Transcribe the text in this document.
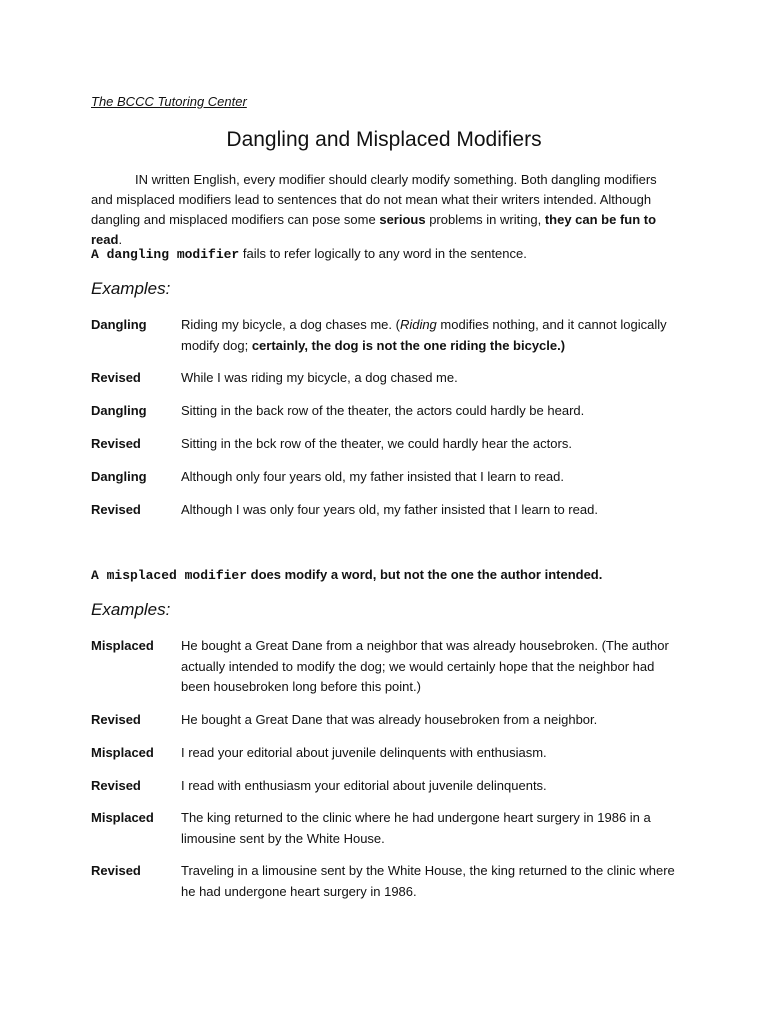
The BCCC Tutoring Center
Dangling and Misplaced Modifiers
IN written English, every modifier should clearly modify something. Both dangling modifiers and misplaced modifiers lead to sentences that do not mean what their writers intended. Although dangling and misplaced modifiers can pose some serious problems in writing, they can be fun to read.
A dangling modifier fails to refer logically to any word in the sentence.
Examples:
Dangling	Riding my bicycle, a dog chases me. (Riding modifies nothing, and it cannot logically modify dog; certainly, the dog is not the one riding the bicycle.)
Revised	While I was riding my bicycle, a dog chased me.
Dangling	Sitting in the back row of the theater, the actors could hardly be heard.
Revised	Sitting in the bck row of the theater, we could hardly hear the actors.
Dangling	Although only four years old, my father insisted that I learn to read.
Revised	Although I was only four years old, my father insisted that I learn to read.
A misplaced modifier does modify a word, but not the one the author intended.
Examples:
Misplaced He bought a Great Dane from a neighbor that was already housebroken. (The author actually intended to modify the dog; we would certainly hope that the neighbor had been housebroken long before this point.)
Revised	He bought a Great Dane that was already housebroken from a neighbor.
Misplaced I read your editorial about juvenile delinquents with enthusiasm.
Revised	I read with enthusiasm your editorial about juvenile delinquents.
Misplaced The king returned to the clinic where he had undergone heart surgery in 1986 in a limousine sent by the White House.
Revised	Traveling in a limousine sent by the White House, the king returned to the clinic where he had undergone heart surgery in 1986.
